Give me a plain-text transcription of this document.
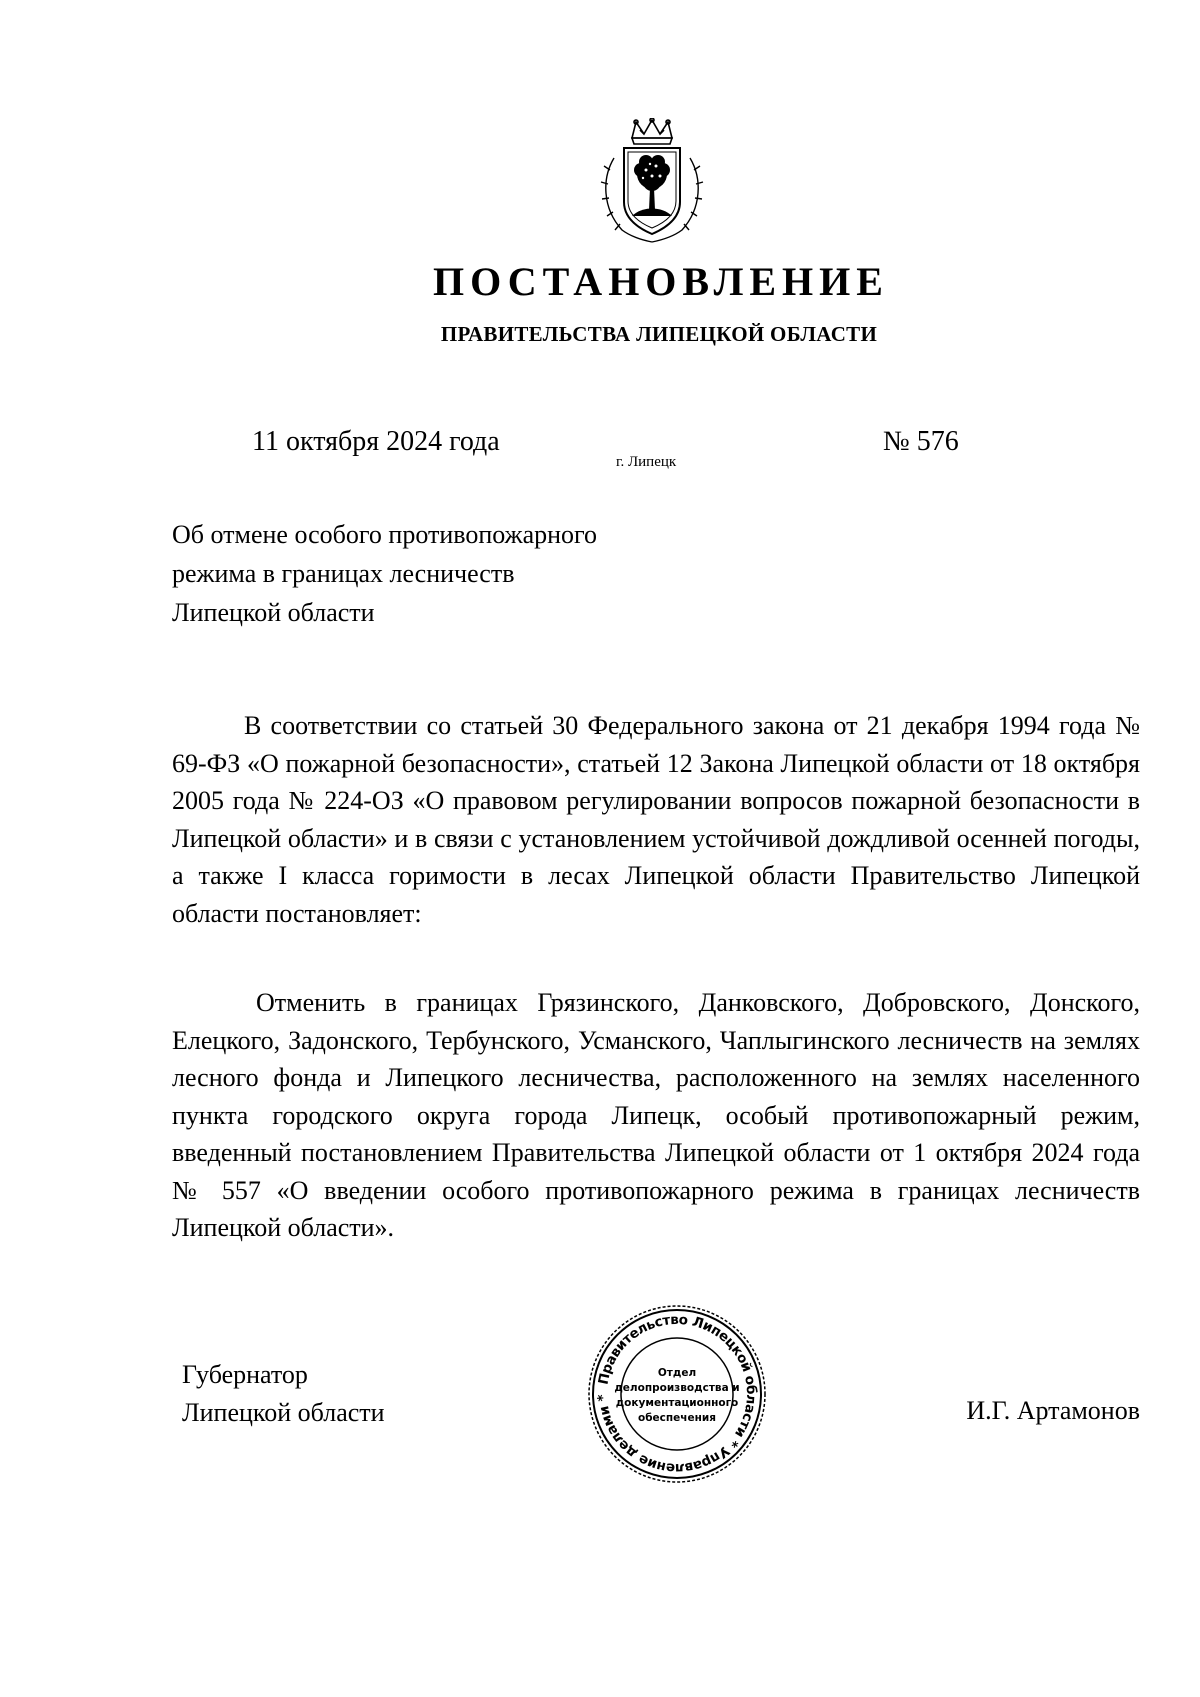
ПОСТАНОВЛЕНИЕ
ПРАВИТЕЛЬСТВА ЛИПЕЦКОЙ ОБЛАСТИ
11 октября 2024 года
г. Липецк
№ 576
Об отмене особого противопожарного
режима в границах лесничеств
Липецкой области
В соответствии со статьей 30 Федерального закона от 21 декабря 1994 года № 69-ФЗ «О пожарной безопасности», статьей 12 Закона Липецкой области от 18 октября 2005 года № 224-ОЗ «О правовом регулировании вопросов пожарной безопасности в Липецкой области» и в связи с установлением устойчивой дождливой осенней погоды, а также I класса горимости в лесах Липецкой области Правительство Липецкой области постановляет:
Отменить в границах Грязинского, Данковского, Добровского, Донского, Елецкого, Задонского, Тербунского, Усманского, Чаплыгинского лесничеств на землях лесного фонда и Липецкого лесничества, расположенного на землях населенного пункта городского округа города Липецк, особый противопожарный режим, введенный постановлением Правительства Липецкой области от 1 октября 2024 года № 557 «О введении особого противопожарного режима в границах лесничеств Липецкой области».
Губернатор
Липецкой области	И.Г. Артамонов
Правительство Липецкой области * Управление делами *
Отдел
делопроизводства и
документационного
обеспечения
